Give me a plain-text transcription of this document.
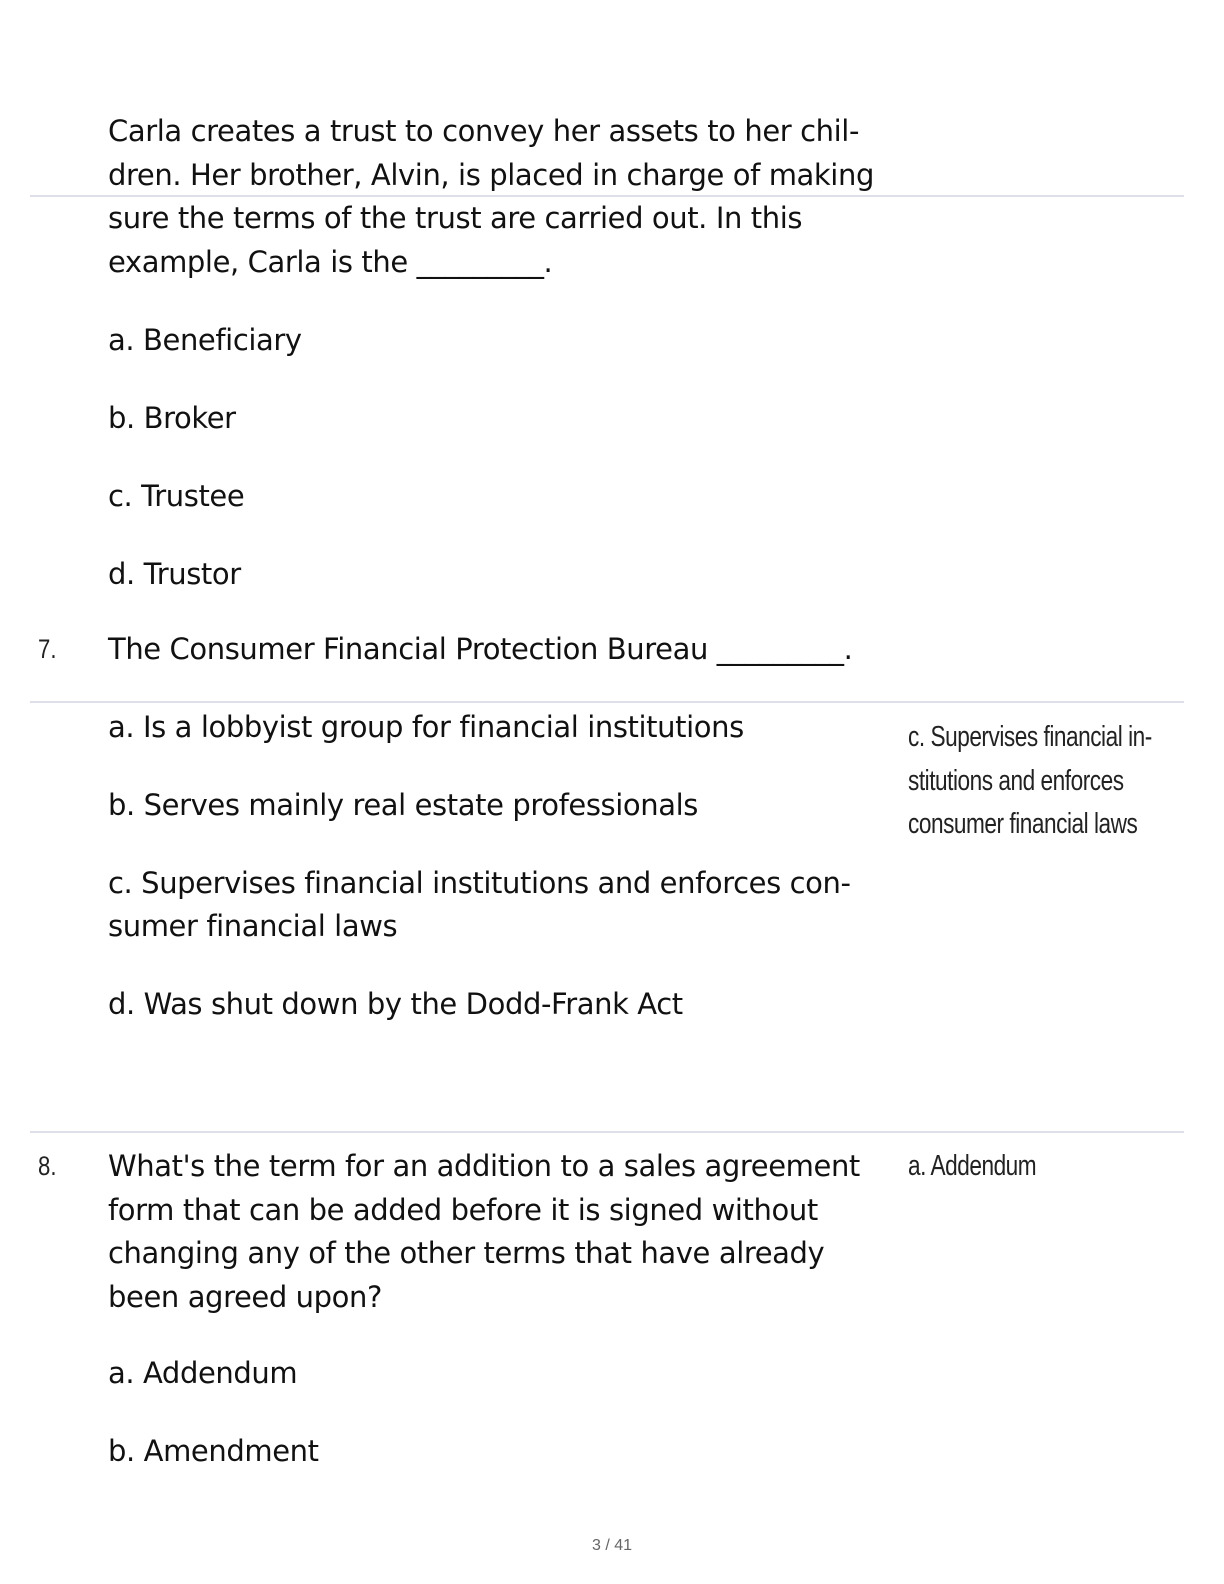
Carla creates a trust to convey her assets to her chil-
dren. Her brother, Alvin, is placed in charge of making
sure the terms of the trust are carried out. In this
example, Carla is the _________.
a. Beneficiary
b. Broker
c. Trustee
d. Trustor
7. The Consumer Financial Protection Bureau _________.
a. Is a lobbyist group for financial institutions
b. Serves mainly real estate professionals
c. Supervises financial institutions and enforces con-
sumer financial laws
d. Was shut down by the Dodd-Frank Act
c. Supervises financial in-
stitutions and enforces
consumer financial laws
8. What's the term for an addition to a sales agreement
form that can be added before it is signed without
changing any of the other terms that have already
been agreed upon?
a. Addendum
a. Addendum
b. Amendment
3 / 41
